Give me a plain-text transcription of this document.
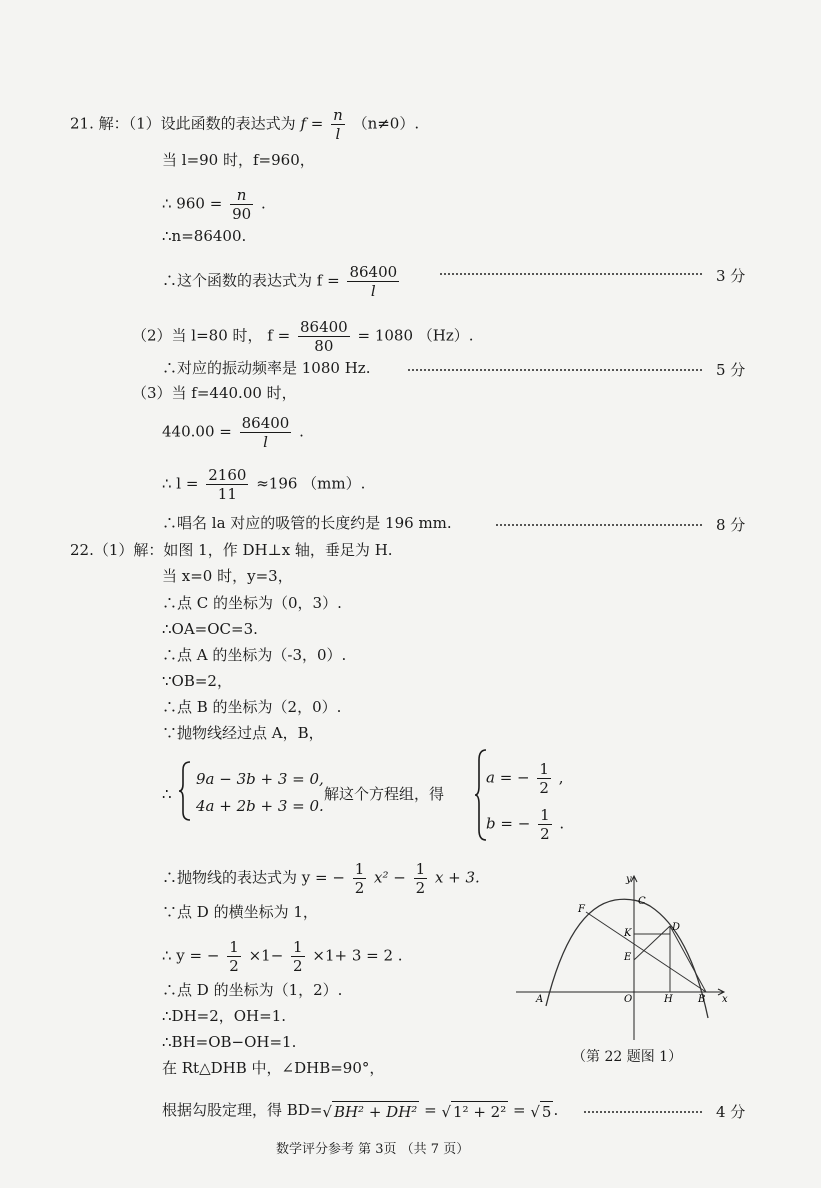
21. 解：（1）设此函数的表达式为 $f = \frac{n}{l} (n\ne 0)$.
当 l=90 时，f=960，
∴ $960 = \frac{n}{90}$ .
∴n=86400.
∴这个函数的表达式为 $f = \frac{86400}{l}$	3 分
（2）当 l=80 时， $f = \frac{86400}{80} = 1080$ （Hz）.
∴对应的振动频率是 1080 Hz.	5 分
（3）当 f=440.00 时，
$440.00 = \frac{86400}{l}$ .
∴ $l = \frac{2160}{11} \approx 196$ （mm）.
∴唱名 la 对应的吸管的长度约是 196 mm.	8 分
22.（1）解：如图 1，作 DH⊥x 轴，垂足为 H.
当 x=0 时，y=3，
∴点 C 的坐标为（0，3）.
∴OA=OC=3.
∴点 A 的坐标为（-3，0）.
∵OB=2，
∴点 B 的坐标为（2，0）.
∵抛物线经过点 A，B，
∴
9a − 3b + 3 = 0,
4a + 2b + 3 = 0.
解这个方程组，得
a = − $\frac{1}{2}$ ,
b = − $\frac{1}{2}$ .
∴抛物线的表达式为 y = − $\frac{1}{2} x^2 - \frac{1}{2}$ x + 3.
∵点 D 的横坐标为 1，
∴ y = − $\frac{1}{2} \times 1- \frac{1}{2} \times 1+ 3 = 2$ .
∴点 D 的坐标为（1，2）.
∴DH=2，OH=1.
∴BH=OB−OH=1.
在 Rt△DHB 中，∠DHB=90°，
根据勾股定理，得 BD=√ BH² + DH² = √ 1² + 2² = √ 5 .	4 分
y
x
C
F
D
K
E
A	O	H	B
（第 22 题图 1）
数学评分参考 第 3页 （共 7 页）
